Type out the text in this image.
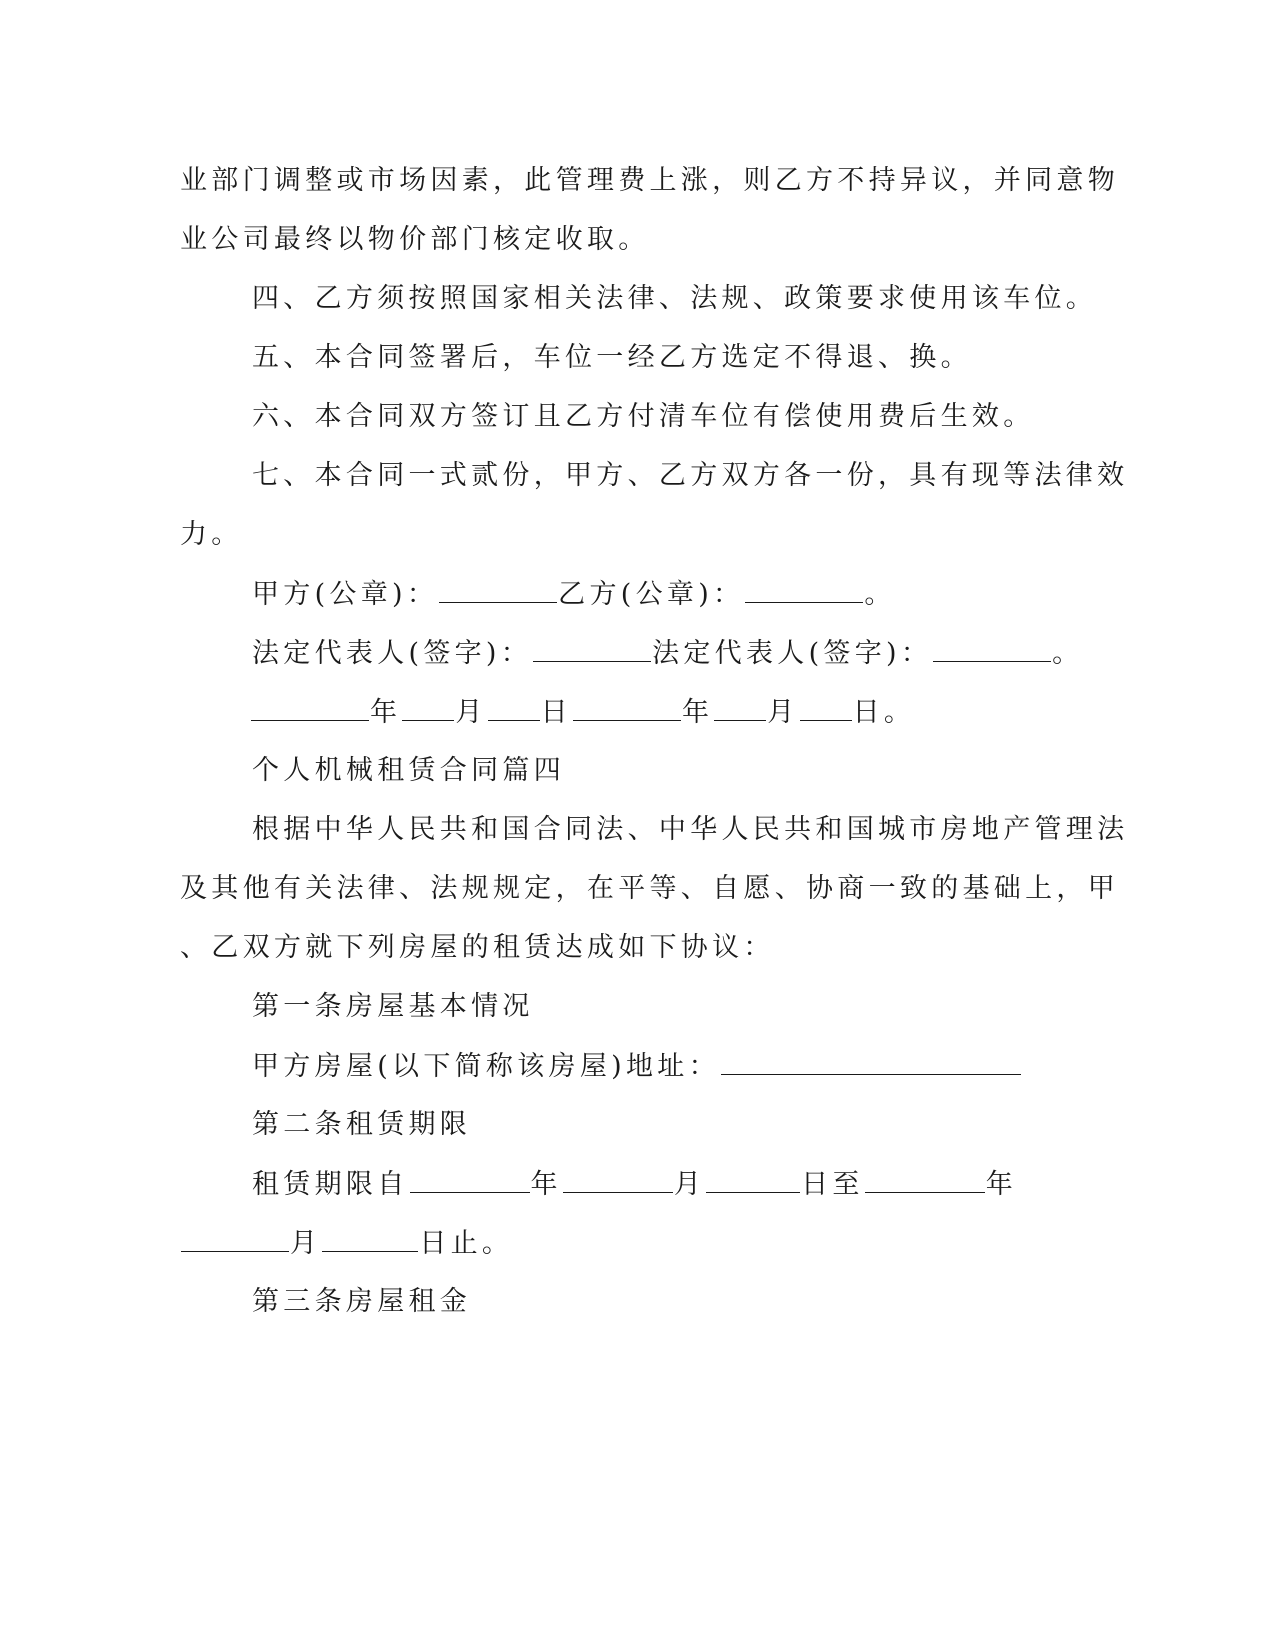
业部门调整或市场因素，此管理费上涨，则乙方不持异议，并同意物
业公司最终以物价部门核定收取。
四、乙方须按照国家相关法律、法规、政策要求使用该车位。
五、本合同签署后，车位一经乙方选定不得退、换。
六、本合同双方签订且乙方付清车位有偿使用费后生效。
七、本合同一式贰份，甲方、乙方双方各一份，具有现等法律效
力。
甲方(公章)：	乙方(公章)：	。
法定代表人(签字)：	法定代表人(签字)：	。
年 月 日	年 月 日。
个人机械租赁合同篇四
根据中华人民共和国合同法、中华人民共和国城市房地产管理法
及其他有关法律、法规规定，在平等、自愿、协商一致的基础上，甲
、乙双方就下列房屋的租赁达成如下协议：
第一条房屋基本情况
甲方房屋(以下简称该房屋)地址：
第二条租赁期限
租赁期限自	年	月	日至	年
月	日止。
第三条房屋租金
